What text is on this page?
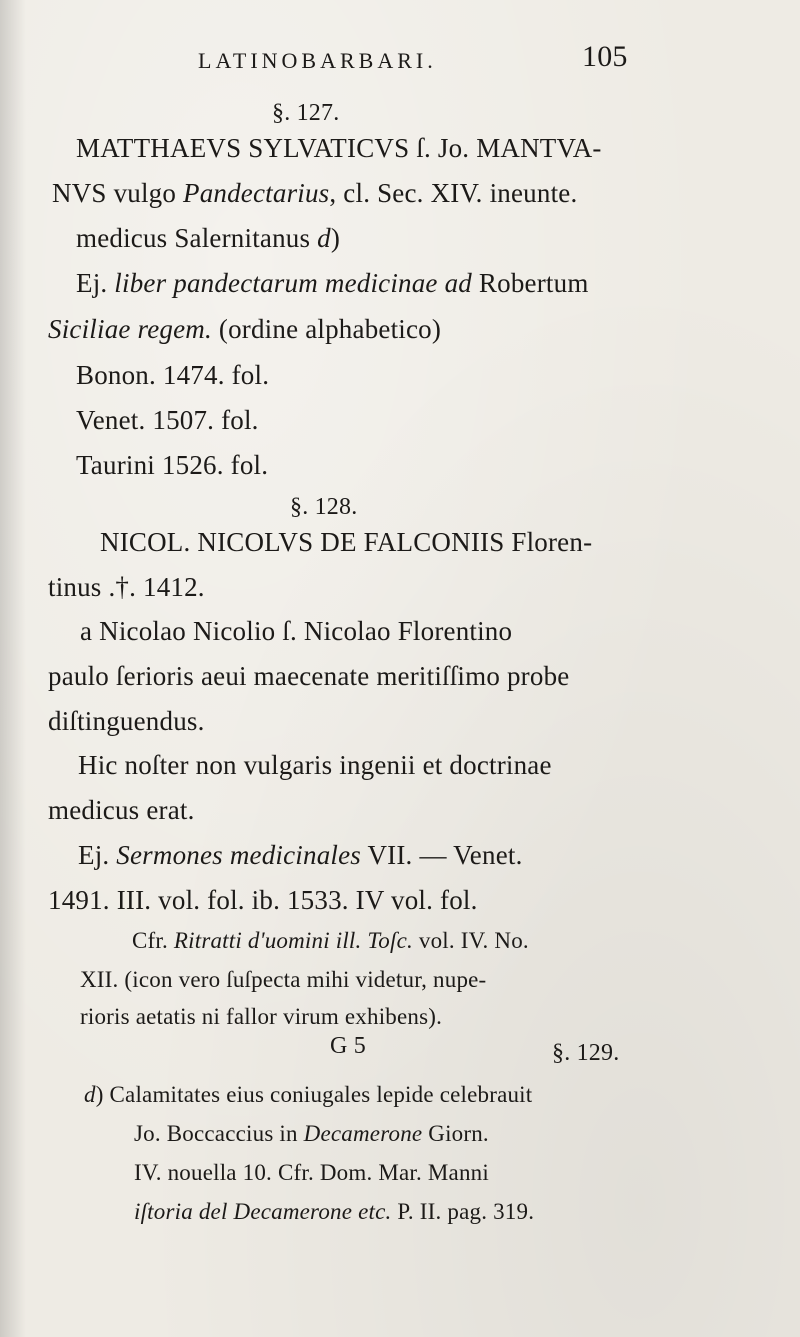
LATINOBARBARI.	105
§. 127.
MATTHAEVS SYLVATICVS ſ. Jo. MANTVA-
NVS vulgo Pandectarius, cl. Sec. XIV. ineunte.
medicus Salernitanus d)
Ej. liber pandectarum medicinae ad Robertum
Siciliae regem. (ordine alphabetico)
Bonon. 1474. fol.
Venet. 1507. fol.
Taurini 1526. fol.
§. 128.
NICOL. NICOLVS DE FALCONIIS Floren-
tinus .†. 1412.
a Nicolao Nicolio ſ. Nicolao Florentino
paulo ſerioris aeui maecenate meritiſſimo probe
diſtinguendus.
Hic noſter non vulgaris ingenii et doctrinae
medicus erat.
Ej. Sermones medicinales VII. — Venet.
1491. III. vol. fol. ib. 1533. IV vol. fol.
Cfr. Ritratti d'uomini ill. Toſc. vol. IV. No.
XII. (icon vero ſuſpecta mihi videtur, nupe-
rioris aetatis ni fallor virum exhibens).
G 5	§. 129.
d) Calamitates eius coniugales lepide celebrauit
Jo. Boccaccius in Decamerone Giorn.
IV. nouella 10. Cfr. Dom. Mar. Manni
iſtoria del Decamerone etc. P. II. pag. 319.
